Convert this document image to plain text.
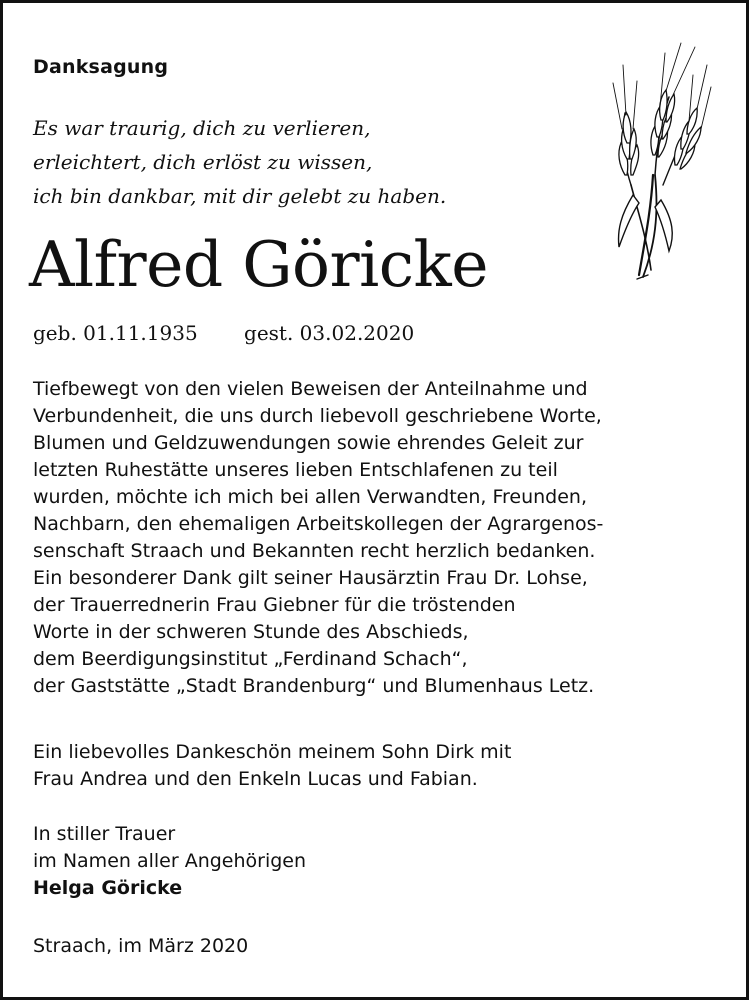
Danksagung
Es war traurig, dich zu verlieren,
erleichtert, dich erlöst zu wissen,
ich bin dankbar, mit dir gelebt zu haben.
Alfred Göricke
geb. 01.11.1935 gest. 03.02.2020
Tiefbewegt von den vielen Beweisen der Anteilnahme und
Verbundenheit, die uns durch liebevoll geschriebene Worte,
Blumen und Geldzuwendungen sowie ehrendes Geleit zur
letzten Ruhestätte unseres lieben Entschlafenen zu teil
wurden, möchte ich mich bei allen Verwandten, Freunden,
Nachbarn, den ehemaligen Arbeitskollegen der Agrargenos-
senschaft Straach und Bekannten recht herzlich bedanken.
Ein besonderer Dank gilt seiner Hausärztin Frau Dr. Lohse,
der Trauerrednerin Frau Giebner für die tröstenden
Worte in der schweren Stunde des Abschieds,
dem Beerdigungsinstitut „Ferdinand Schach“,
der Gaststätte „Stadt Brandenburg“ und Blumenhaus Letz.
Ein liebevolles Dankeschön meinem Sohn Dirk mit
Frau Andrea und den Enkeln Lucas und Fabian.
In stiller Trauer
im Namen aller Angehörigen
Helga Göricke
Straach, im März 2020
